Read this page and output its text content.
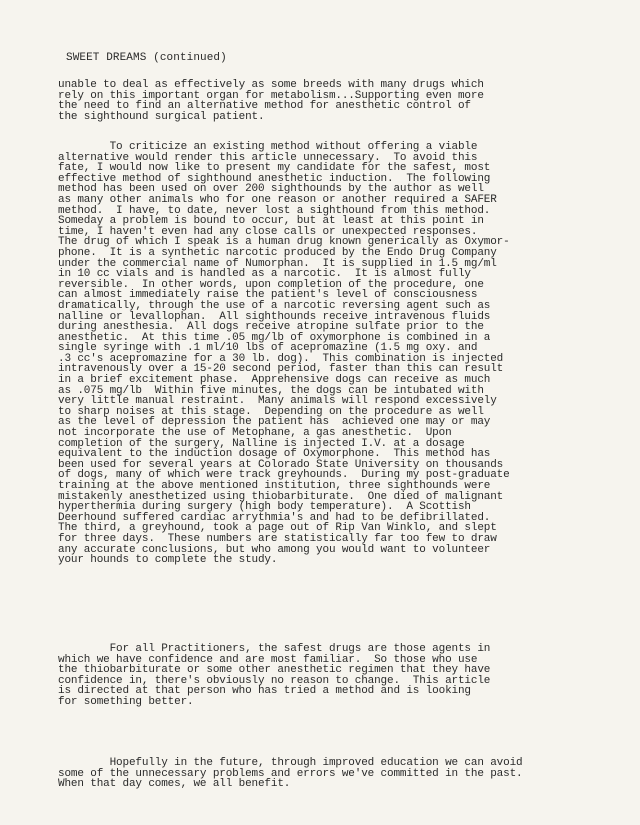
SWEET DREAMS (continued)
unable to deal as effectively as some breeds with many drugs which
rely on this important organ for metabolism...Supporting even more
the need to find an alternative method for anesthetic control of
the sighthound surgical patient.
To criticize an existing method without offering a viable
alternative would render this article unnecessary.  To avoid this
fate, I would now like to present my candidate for the safest, most
effective method of sighthound anesthetic induction.  The following
method has been used on over 200 sighthounds by the author as well
as many other animals who for one reason or another required a SAFER
method.  I have, to date, never lost a sighthound from this method.
Someday a problem is bound to occur, but at least at this point in
time, I haven't even had any close calls or unexpected responses.
The drug of which I speak is a human drug known generically as Oxymor-
phone.  It is a synthetic narcotic produced by the Endo Drug Company
under the commercial name of Numorphan.  It is supplied in 1.5 mg/ml
in 10 cc vials and is handled as a narcotic.  It is almost fully
reversible.  In other words, upon completion of the procedure, one
can almost immediately raise the patient's level of consciousness
dramatically, through the use of a narcotic reversing agent such as
nalline or levallophan.  All sighthounds receive intravenous fluids
during anesthesia.  All dogs receive atropine sulfate prior to the
anesthetic.  At this time .05 mg/lb of oxymorphone is combined in a
single syringe with .1 ml/10 lbs of acepromazine (1.5 mg oxy. and
.3 cc's acepromazine for a 30 lb. dog).  This combination is injected
intravenously over a 15-20 second period, faster than this can result
in a brief excitement phase.  Apprehensive dogs can receive as much
as .075 mg/lb  Within five minutes, the dogs can be intubated with
very little manual restraint.  Many animals will respond excessively
to sharp noises at this stage.  Depending on the procedure as well
as the level of depression the patient has  achieved one may or may
not incorporate the use of Metophane, a gas anesthetic.  Upon
completion of the surgery, Nalline is injected I.V. at a dosage
equivalent to the induction dosage of Oxymorphone.  This method has
been used for several years at Colorado State University on thousands
of dogs, many of which were track greyhounds.  During my post-graduate
training at the above mentioned institution, three sighthounds were
mistakenly anesthetized using thiobarbiturate.  One died of malignant
hyperthermia during surgery (high body temperature).  A Scottish
Deerhound suffered cardiac arrythmia's and had to be defibrillated.
The third, a greyhound, took a page out of Rip Van Winklo, and slept
for three days.  These numbers are statistically far too few to draw
any accurate conclusions, but who among you would want to volunteer
your hounds to complete the study.
For all Practitioners, the safest drugs are those agents in
which we have confidence and are most familiar.  So those who use
the thiobarbiturate or some other anesthetic regimen that they have
confidence in, there's obviously no reason to change.  This article
is directed at that person who has tried a method and is looking
for something better.
Hopefully in the future, through improved education we can avoid
some of the unnecessary problems and errors we've committed in the past.
When that day comes, we all benefit.
